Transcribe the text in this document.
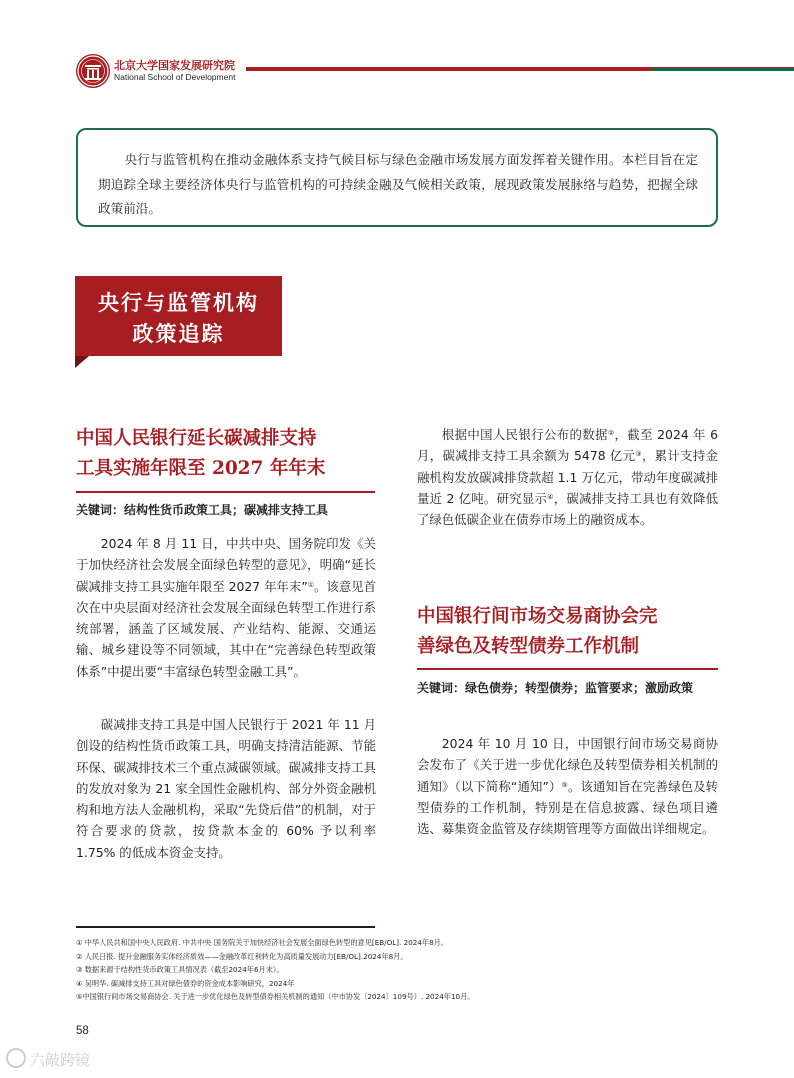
北京大学国家发展研究院
National School of Development

央行与监管机构在推动金融体系支持气候目标与绿色金融市场发展方面发挥着关键作用。本栏目旨在定期追踪全球主要经济体央行与监管机构的可持续金融及气候相关政策，展现政策发展脉络与趋势，把握全球政策前沿。

央行与监管机构
政策追踪
中国人民银行延长碳减排支持
工具实施年限至 2027 年年末
关键词：结构性货币政策工具；碳减排支持工具

2024 年 8 月 11 日，中共中央、国务院印发《关于加快经济社会发展全面绿色转型的意见》，明确“延长碳减排支持工具实施年限至 2027 年年末”①。该意见首次在中央层面对经济社会发展全面绿色转型工作进行系统部署，涵盖了区域发展、产业结构、能源、交通运输、城乡建设等不同领域，其中在“完善绿色转型政策体系”中提出要“丰富绿色转型金融工具”。

碳减排支持工具是中国人民银行于 2021 年 11 月创设的结构性货币政策工具，明确支持清洁能源、节能环保、碳减排技术三个重点减碳领域。碳减排支持工具的发放对象为 21 家全国性金融机构、部分外资金融机构和地方法人金融机构，采取“先贷后借”的机制，对于符合要求的贷款，按贷款本金的 60% 予以利率 1.75% 的低成本资金支持。

根据中国人民银行公布的数据②，截至 2024 年 6 月，碳减排支持工具余额为 5478 亿元③，累计支持金融机构发放碳减排贷款超 1.1 万亿元，带动年度碳减排量近 2 亿吨。研究显示④，碳减排支持工具也有效降低了绿色低碳企业在债券市场上的融资成本。

中国银行间市场交易商协会完
善绿色及转型债券工作机制
关键词：绿色债券；转型债券；监管要求；激励政策

2024 年 10 月 10 日，中国银行间市场交易商协会发布了《关于进一步优化绿色及转型债券相关机制的通知》（以下简称“通知”）⑤。该通知旨在完善绿色及转型债券的工作机制，特别是在信息披露、绿色项目遴选、募集资金监管及存续期管理等方面做出详细规定。

① 中华人民共和国中央人民政府. 中共中央 国务院关于加快经济社会发展全面绿色转型的意见[EB/OL]. 2024年8月。
② 人民日报. 提升金融服务实体经济质效——金融改革红利转化为高质量发展动力[EB/OL].2024年8月。
③ 数据来源于结构性货币政策工具情况表（截至2024年6月末）。
④ 吴明华. 碳减排支持工具对绿色债券的资金成本影响研究，2024年
⑤中国银行间市场交易商协会. 关于进一步优化绿色及转型债券相关机制的通知（中市协发〔2024〕109号）. 2024年10月。
58
六敲跨镜
